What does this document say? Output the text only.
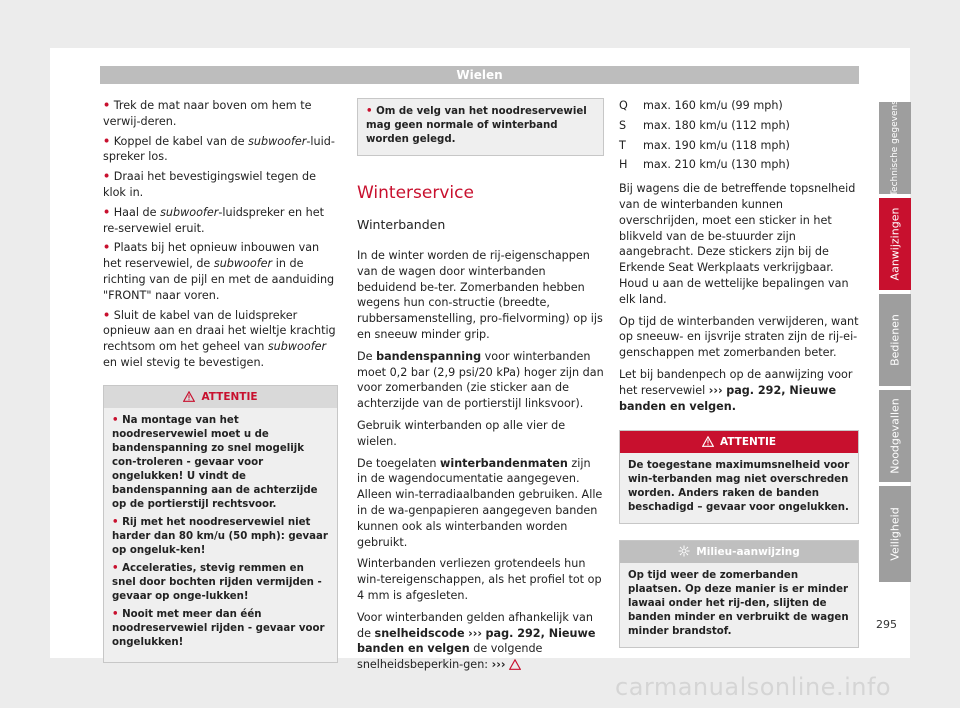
Wielen
• Trek de mat naar boven om hem te verwij-deren.
• Koppel de kabel van de subwoofer-luid-spreker los.
• Draai het bevestigingswiel tegen de klok in.
• Haal de subwoofer-luidspreker en het re-servewiel eruit.
• Plaats bij het opnieuw inbouwen van het reservewiel, de subwoofer in de richting van de pijl en met de aanduiding "FRONT" naar voren.
• Sluit de kabel van de luidspreker opnieuw aan en draai het wieltje krachtig rechtsom om het geheel van subwoofer en wiel stevig te bevestigen.
ATTENTIE
• Na montage van het noodreservewiel moet u de bandenspanning zo snel mogelijk con-troleren - gevaar voor ongelukken! U vindt de bandenspanning aan de achterzijde op de portierstijl rechtsvoor.
• Rij met het noodreservewiel niet harder dan 80 km/u (50 mph): gevaar op ongeluk-ken!
• Acceleraties, stevig remmen en snel door bochten rijden vermijden - gevaar op onge-lukken!
• Nooit met meer dan één noodreservewiel rijden - gevaar voor ongelukken!
• Om de velg van het noodreservewiel mag geen normale of winterband worden gelegd.
Winterservice
Winterbanden
In de winter worden de rij-eigenschappen van de wagen door winterbanden beduidend be-ter. Zomerbanden hebben wegens hun con-structie (breedte, rubbersamenstelling, pro-fielvorming) op ijs en sneeuw minder grip.
De bandenspanning voor winterbanden moet 0,2 bar (2,9 psi/20 kPa) hoger zijn dan voor zomerbanden (zie sticker aan de achterzijde van de portierstijl linksvoor).
Gebruik winterbanden op alle vier de wielen.
De toegelaten winterbandenmaten zijn in de wagendocumentatie aangegeven. Alleen win-terradiaalbanden gebruiken. Alle in de wa-genpapieren aangegeven banden kunnen ook als winterbanden worden gebruikt.
Winterbanden verliezen grotendeels hun win-tereigenschappen, als het profiel tot op 4 mm is afgesleten.
Voor winterbanden gelden afhankelijk van de snelheidscode ››› pag. 292, Nieuwe banden en velgen de volgende snelheidsbeperkin-gen: ›››
Q	max. 160 km/u (99 mph)
S	max. 180 km/u (112 mph)
T	max. 190 km/u (118 mph)
H	max. 210 km/u (130 mph)
Bij wagens die de betreffende topsnelheid van de winterbanden kunnen overschrijden, moet een sticker in het blikveld van de be-stuurder zijn aangebracht. Deze stickers zijn bij de Erkende Seat Werkplaats verkrijgbaar. Houd u aan de wettelijke bepalingen van elk land.
Op tijd de winterbanden verwijderen, want op sneeuw- en ijsvrije straten zijn de rij-ei-genschappen met zomerbanden beter.
Let bij bandenpech op de aanwijzing voor het reservewiel ››› pag. 292, Nieuwe banden en velgen.
ATTENTIE
De toegestane maximumsnelheid voor win-terbanden mag niet overschreden worden. Anders raken de banden beschadigd – gevaar voor ongelukken.
Milieu-aanwijzing
Op tijd weer de zomerbanden plaatsen. Op deze manier is er minder lawaai onder het rij-den, slijten de banden minder en verbruikt de wagen minder brandstof.
Technische gegevens
Aanwijzingen
Bedienen
Noodgevallen
Veiligheid
295
carmanualsonline.info
